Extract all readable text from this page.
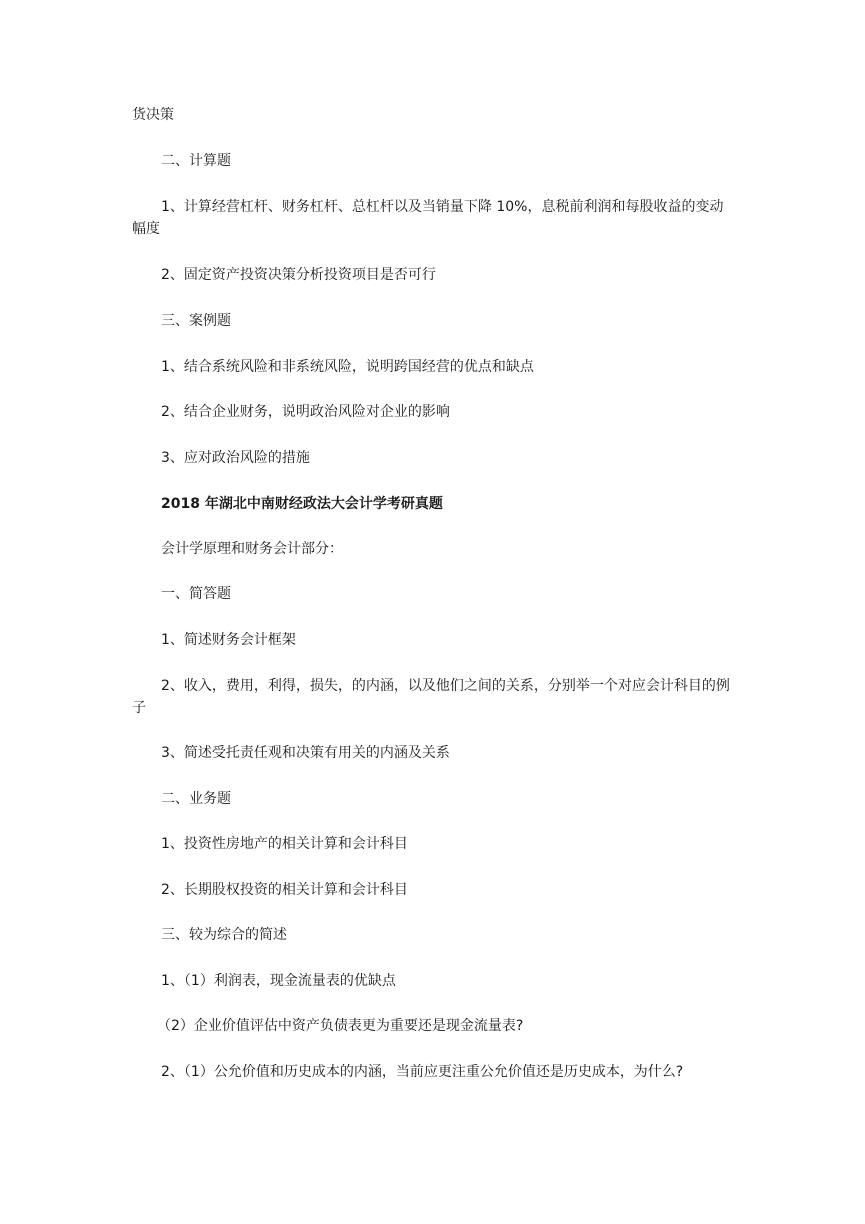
货决策
二、计算题
1、计算经营杠杆、财务杠杆、总杠杆以及当销量下降 10%，息税前利润和每股收益的变动幅度
2、固定资产投资决策分析投资项目是否可行
三、案例题
1、结合系统风险和非系统风险，说明跨国经营的优点和缺点
2、结合企业财务，说明政治风险对企业的影响
3、应对政治风险的措施
2018 年湖北中南财经政法大会计学考研真题
会计学原理和财务会计部分：
一、简答题
1、简述财务会计框架
2、收入，费用，利得，损失，的内涵，以及他们之间的关系，分别举一个对应会计科目的例子
3、简述受托责任观和决策有用关的内涵及关系
二、业务题
1、投资性房地产的相关计算和会计科目
2、长期股权投资的相关计算和会计科目
三、较为综合的简述
1、（1）利润表，现金流量表的优缺点
（2）企业价值评估中资产负债表更为重要还是现金流量表?
2、（1）公允价值和历史成本的内涵，当前应更注重公允价值还是历史成本，为什么?
